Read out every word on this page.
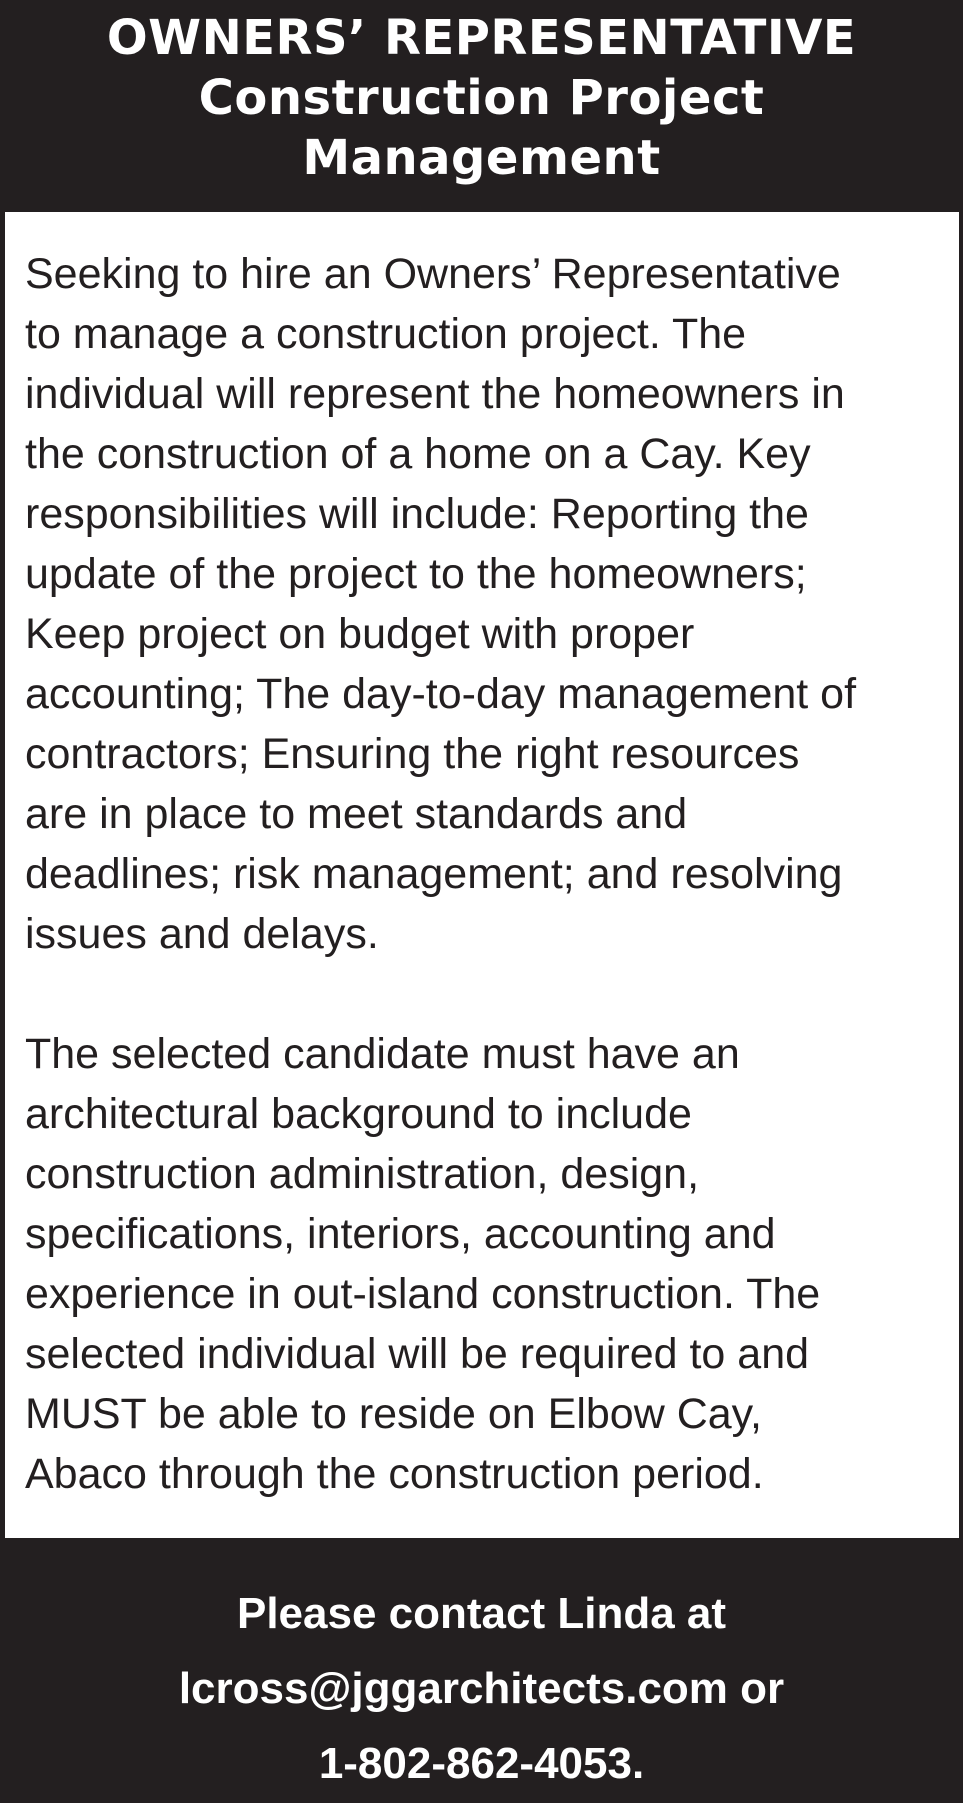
OWNERS’ REPRESENTATIVE
Construction Project
Management

Seeking to hire an Owners’ Representative
to manage a construction project. The
individual will represent the homeowners in
the construction of a home on a Cay. Key
responsibilities will include: Reporting the
update of the project to the homeowners;
Keep project on budget with proper
accounting; The day-to-day management of
contractors; Ensuring the right resources
are in place to meet standards and
deadlines; risk management; and resolving
issues and delays.

The selected candidate must have an
architectural background to include
construction administration, design,
specifications, interiors, accounting and
experience in out-island construction. The
selected individual will be required to and
MUST be able to reside on Elbow Cay,
Abaco through the construction period.

Please contact Linda at
lcross@jggarchitects.com or
1-802-862-4053.
